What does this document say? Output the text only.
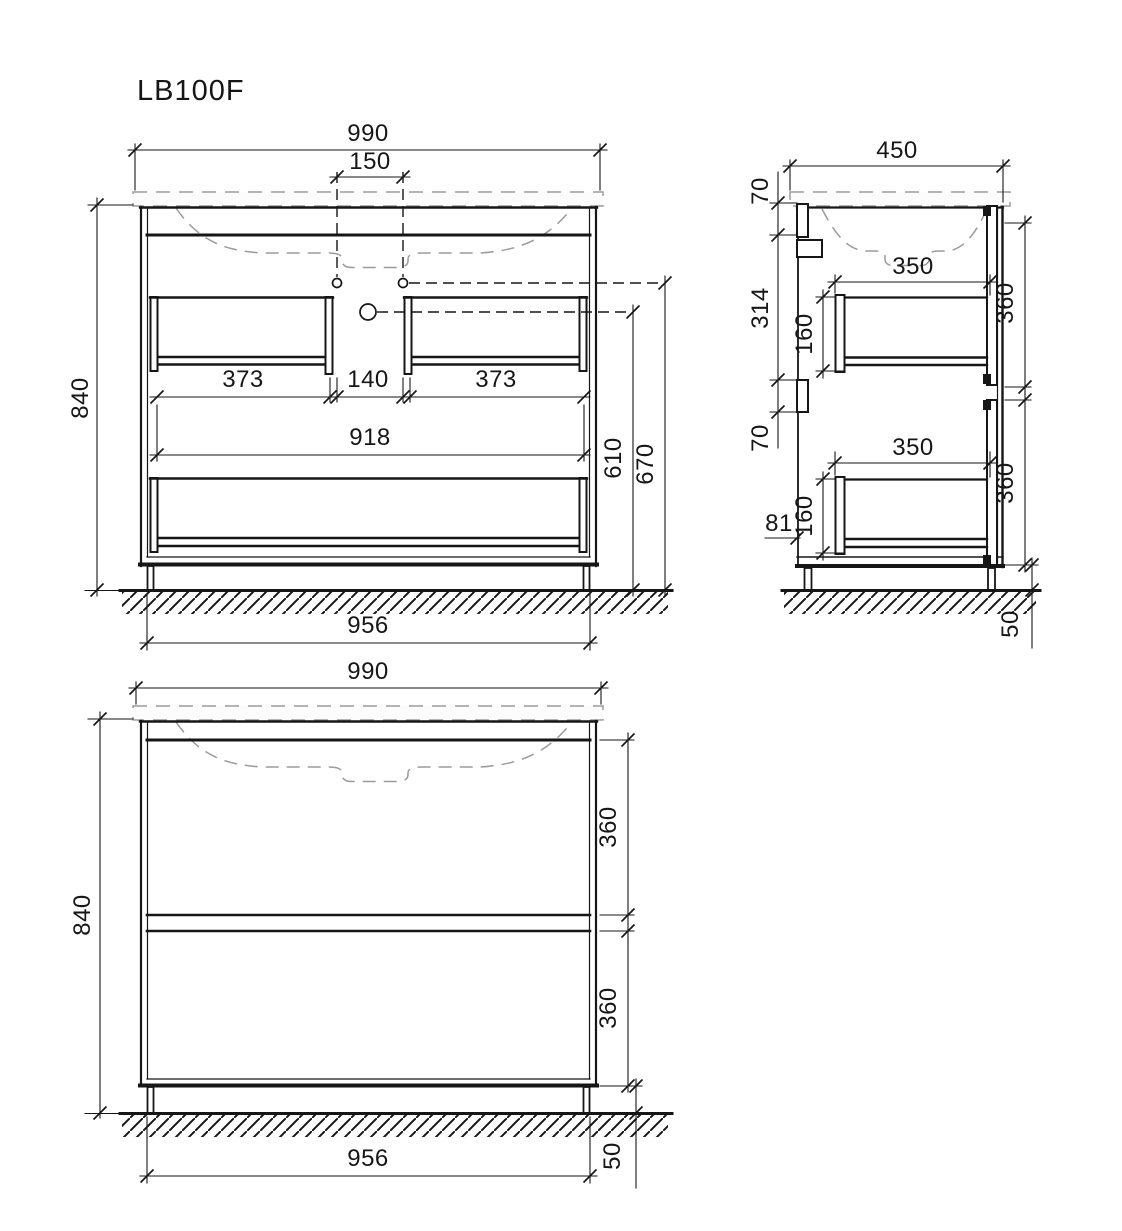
LB100F
990
150
840	373	140	373
918	610 670
956
450
70
314
70
81
350
160
360
350
160
360
50
990
840
360
360
956	50
